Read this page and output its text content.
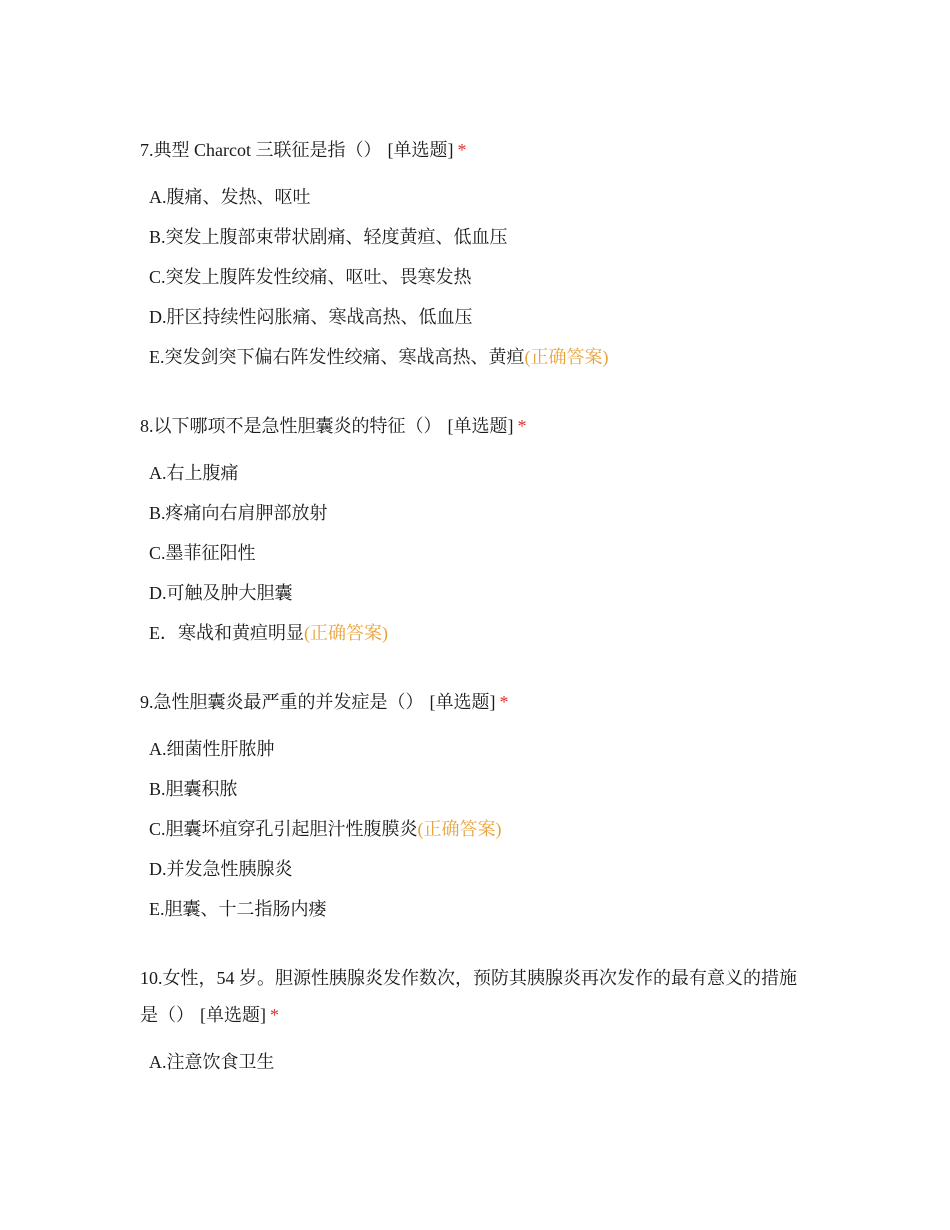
7.典型 Charcot 三联征是指（） [单选题] *
A.腹痛、发热、呕吐
B.突发上腹部束带状剧痛、轻度黄疸、低血压
C.突发上腹阵发性绞痛、呕吐、畏寒发热
D.肝区持续性闷胀痛、寒战高热、低血压
E.突发剑突下偏右阵发性绞痛、寒战高热、黄疸(正确答案)
8.以下哪项不是急性胆囊炎的特征（） [单选题] *
A.右上腹痛
B.疼痛向右肩胛部放射
C.墨菲征阳性
D.可触及肿大胆囊
E．寒战和黄疸明显(正确答案)
9.急性胆囊炎最严重的并发症是（） [单选题] *
A.细菌性肝脓肿
B.胆囊积脓
C.胆囊坏疽穿孔引起胆汁性腹膜炎(正确答案)
D.并发急性胰腺炎
E.胆囊、十二指肠内瘘
10.女性，54 岁。胆源性胰腺炎发作数次，预防其胰腺炎再次发作的最有意义的措施是（） [单选题] *
A.注意饮食卫生
